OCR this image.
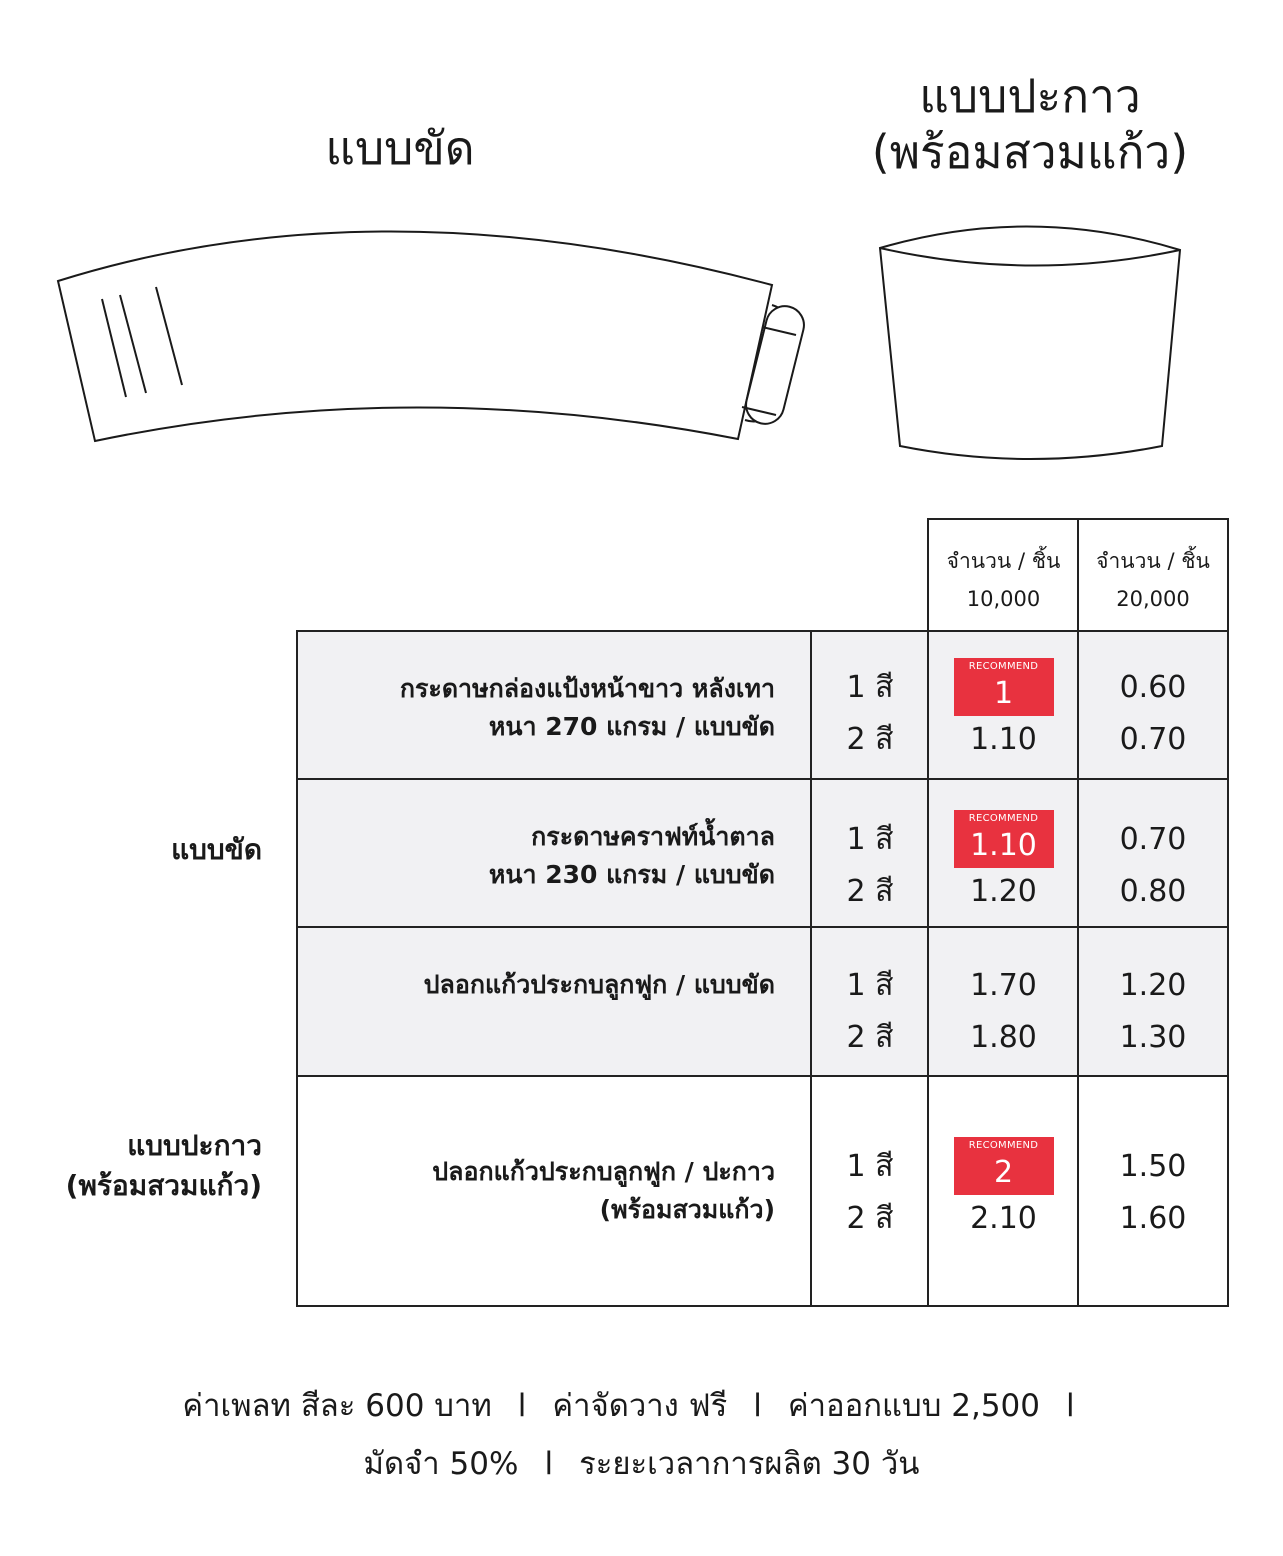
แบบขัด
แบบปะกาว
(พร้อมสวมแก้ว)
จำนวน / ชิ้น
10,000
จำนวน / ชิ้น
20,000
แบบขัด
แบบปะกาว
(พร้อมสวมแก้ว)
กระดาษกล่องแป้งหน้าขาว หลังเทา
หนา 270 แกรม / แบบขัด
1 สี
2 สี
RECOMMEND
1
1.10
0.60
0.70
กระดาษคราฟท์น้ำตาล
หนา 230 แกรม / แบบขัด
1 สี
2 สี
RECOMMEND
1.10
1.20
0.70
0.80
ปลอกแก้วประกบลูกฟูก / แบบขัด	1 สี
2 สี
1.70
1.80
1.20
1.30
ปลอกแก้วประกบลูกฟูก / ปะกาว
(พร้อมสวมแก้ว)
1 สี
2 สี
RECOMMEND
2
2.10
1.50
1.60
ค่าเพลท สีละ 600 บาท l ค่าจัดวาง ฟรี l ค่าออกแบบ 2,500 l
มัดจำ 50% l ระยะเวลาการผลิต 30 วัน
